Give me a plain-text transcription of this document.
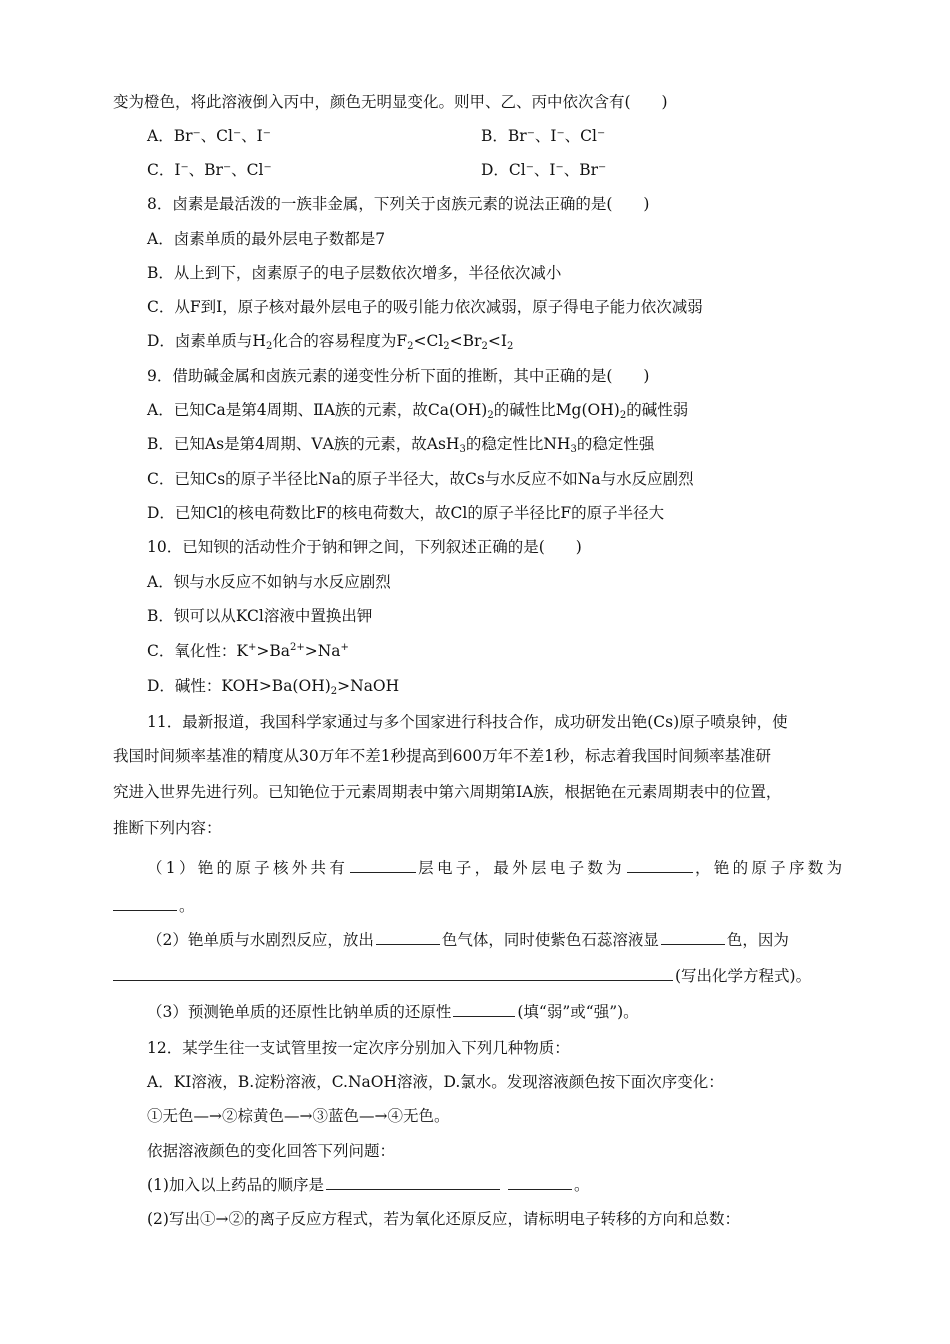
变为橙色，将此溶液倒入丙中，颜色无明显变化。则甲、乙、丙中依次含有(　　)
A．Br⁻、Cl⁻、I⁻	B．Br⁻、I⁻、Cl⁻
C．I⁻、Br⁻、Cl⁻	D．Cl⁻、I⁻、Br⁻
8．卤素是最活泼的一族非金属，下列关于卤族元素的说法正确的是(　　)
A．卤素单质的最外层电子数都是7
B．从上到下，卤素原子的电子层数依次增多，半径依次减小
C．从F到I，原子核对最外层电子的吸引能力依次减弱，原子得电子能力依次减弱
D．卤素单质与$H_2$化合的容易程度为$F_2<Cl_2<Br_2<I_2$
9．借助碱金属和卤族元素的递变性分析下面的推断，其中正确的是(　　)
A．已知Ca是第4周期、ⅡA族的元素，故$Ca(OH)_2$的碱性比$Mg(OH)_2$的碱性弱
B．已知As是第4周期、ⅤA族的元素，故AsH$_3$的稳定性比$NH_3$的稳定性强
C．已知Cs的原子半径比Na的原子半径大，故Cs与水反应不如Na与水反应剧烈
D．已知Cl的核电荷数比F的核电荷数大，故Cl的原子半径比F的原子半径大
10．已知钡的活动性介于钠和钾之间，下列叙述正确的是(　　)
A．钡与水反应不如钠与水反应剧烈
B．钡可以从KCl溶液中置换出钾
C．氧化性：$K^+>Ba^{2+}>Na^+$
D．碱性：$KOH>Ba(OH)_2>NaOH$
11．最新报道，我国科学家通过与多个国家进行科技合作，成功研发出铯(Cs)原子喷泉钟，使
我国时间频率基准的精度从30万年不差1秒提高到600万年不差1秒，标志着我国时间频率基准研
究进入世界先进行列。已知铯位于元素周期表中第六周期第ⅠA族，根据铯在元素周期表中的位置，
推断下列内容：
（1）铯的原子核外共有	层电子，最外层电子数为	，铯的原子序数为
。
（2）铯单质与水剧烈反应，放出	色气体，同时使紫色石蕊溶液显	色，因为
(写出化学方程式)。
（3）预测铯单质的还原性比钠单质的还原性	(填“弱”或“强”)。
12．某学生往一支试管里按一定次序分别加入下列几种物质：
A．KI溶液，B.淀粉溶液，C.NaOH溶液，D.氯水。发现溶液颜色按下面次序变化：
①无色—→②棕黄色—→③蓝色—→④无色。
依据溶液颜色的变化回答下列问题：
(1)加入以上药品的顺序是	。
(2)写出①→②的离子反应方程式，若为氧化还原反应，请标明电子转移的方向和总数：
